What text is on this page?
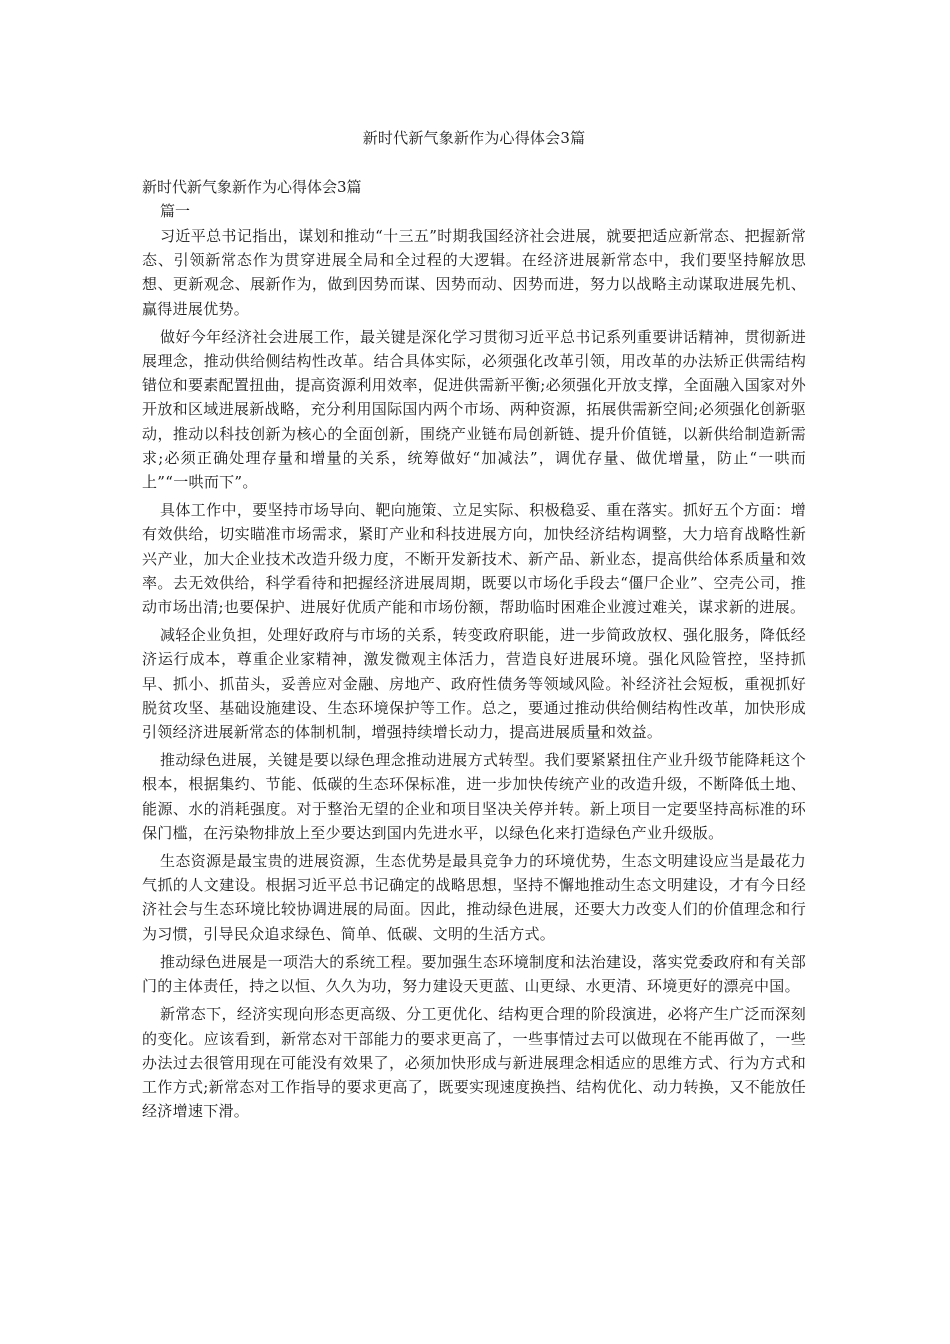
新时代新气象新作为心得体会3篇

新时代新气象新作为心得体会3篇

篇一

习近平总书记指出，谋划和推动“十三五”时期我国经济社会进展，就要把适应新常态、把握新常态、引领新常态作为贯穿进展全局和全过程的大逻辑。在经济进展新常态中，我们要坚持解放思想、更新观念、展新作为，做到因势而谋、因势而动、因势而进，努力以战略主动谋取进展先机、赢得进展优势。

做好今年经济社会进展工作，最关键是深化学习贯彻习近平总书记系列重要讲话精神，贯彻新进展理念，推动供给侧结构性改革。结合具体实际，必须强化改革引领，用改革的办法矫正供需结构错位和要素配置扭曲，提高资源利用效率，促进供需新平衡;必须强化开放支撑，全面融入国家对外开放和区域进展新战略，充分利用国际国内两个市场、两种资源，拓展供需新空间;必须强化创新驱动，推动以科技创新为核心的全面创新，围绕产业链布局创新链、提升价值链，以新供给制造新需求;必须正确处理存量和增量的关系，统筹做好“加减法”，调优存量、做优增量，防止“一哄而上”“一哄而下”。

具体工作中，要坚持市场导向、靶向施策、立足实际、积极稳妥、重在落实。抓好五个方面：增有效供给，切实瞄准市场需求，紧盯产业和科技进展方向，加快经济结构调整，大力培育战略性新兴产业，加大企业技术改造升级力度，不断开发新技术、新产品、新业态，提高供给体系质量和效率。去无效供给，科学看待和把握经济进展周期，既要以市场化手段去“僵尸企业”、空壳公司，推动市场出清;也要保护、进展好优质产能和市场份额，帮助临时困难企业渡过难关，谋求新的进展。

减轻企业负担，处理好政府与市场的关系，转变政府职能，进一步简政放权、强化服务，降低经济运行成本，尊重企业家精神，激发微观主体活力，营造良好进展环境。强化风险管控，坚持抓早、抓小、抓苗头，妥善应对金融、房地产、政府性债务等领域风险。补经济社会短板，重视抓好脱贫攻坚、基础设施建设、生态环境保护等工作。总之，要通过推动供给侧结构性改革，加快形成引领经济进展新常态的体制机制，增强持续增长动力，提高进展质量和效益。

推动绿色进展，关键是要以绿色理念推动进展方式转型。我们要紧紧扭住产业升级节能降耗这个根本，根据集约、节能、低碳的生态环保标准，进一步加快传统产业的改造升级，不断降低土地、能源、水的消耗强度。对于整治无望的企业和项目坚决关停并转。新上项目一定要坚持高标准的环保门槛，在污染物排放上至少要达到国内先进水平，以绿色化来打造绿色产业升级版。

生态资源是最宝贵的进展资源，生态优势是最具竞争力的环境优势，生态文明建设应当是最花力气抓的人文建设。根据习近平总书记确定的战略思想，坚持不懈地推动生态文明建设，才有今日经济社会与生态环境比较协调进展的局面。因此，推动绿色进展，还要大力改变人们的价值理念和行为习惯，引导民众追求绿色、简单、低碳、文明的生活方式。

推动绿色进展是一项浩大的系统工程。要加强生态环境制度和法治建设，落实党委政府和有关部门的主体责任，持之以恒、久久为功，努力建设天更蓝、山更绿、水更清、环境更好的漂亮中国。

新常态下，经济实现向形态更高级、分工更优化、结构更合理的阶段演进，必将产生广泛而深刻的变化。应该看到，新常态对干部能力的要求更高了，一些事情过去可以做现在不能再做了，一些办法过去很管用现在可能没有效果了，必须加快形成与新进展理念相适应的思维方式、行为方式和工作方式;新常态对工作指导的要求更高了，既要实现速度换挡、结构优化、动力转换，又不能放任经济增速下滑。
